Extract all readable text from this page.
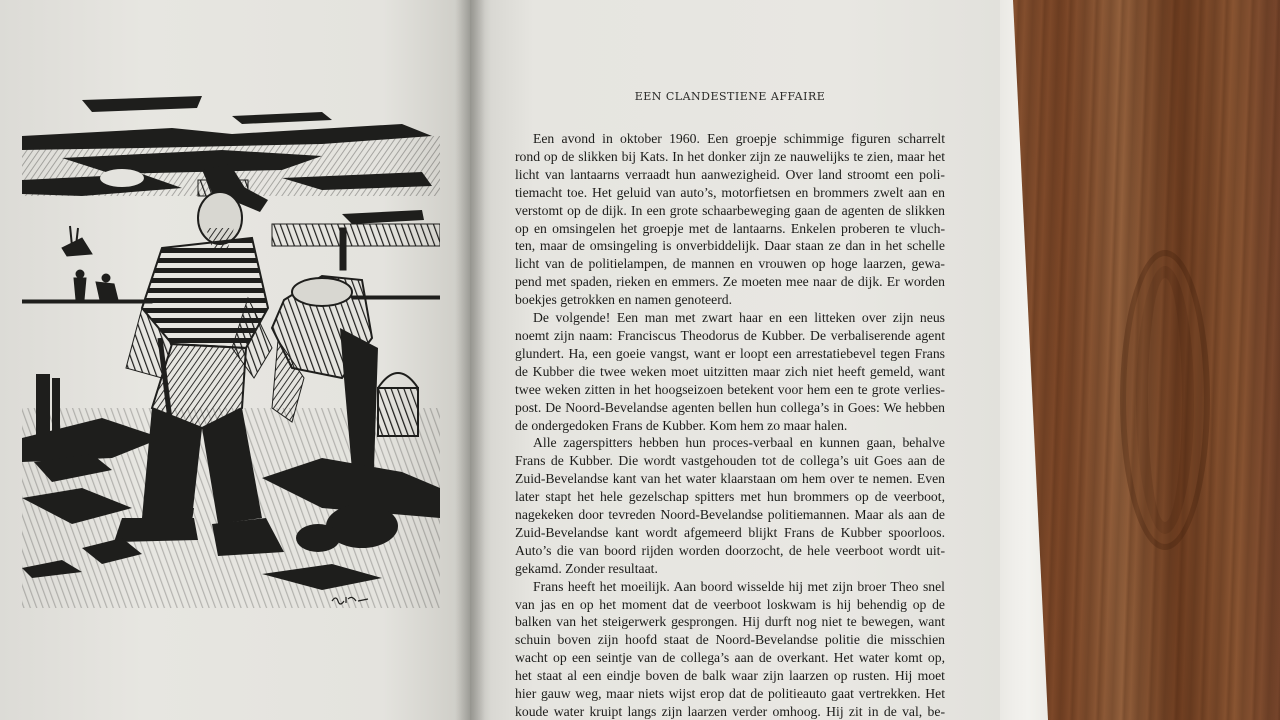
EEN CLANDESTIENE AFFAIRE
Een avond in oktober 1960. Een groepje schimmige figuren scharrelt
rond op de slikken bij Kats. In het donker zijn ze nauwelijks te zien, maar het
licht van lantaarns verraadt hun aanwezigheid. Over land stroomt een poli-
tiemacht toe. Het geluid van auto’s, motorfietsen en brommers zwelt aan en
verstomt op de dijk. In een grote schaarbeweging gaan de agenten de slikken
op en omsingelen het groepje met de lantaarns. Enkelen proberen te vluch-
ten, maar de omsingeling is onverbiddelijk. Daar staan ze dan in het schelle
licht van de politielampen, de mannen en vrouwen op hoge laarzen, gewa-
pend met spaden, rieken en emmers. Ze moeten mee naar de dijk. Er worden
boekjes getrokken en namen genoteerd.
De volgende! Een man met zwart haar en een litteken over zijn neus
noemt zijn naam: Franciscus Theodorus de Kubber. De verbaliserende agent
glundert. Ha, een goeie vangst, want er loopt een arrestatiebevel tegen Frans
de Kubber die twee weken moet uitzitten maar zich niet heeft gemeld, want
twee weken zitten in het hoogseizoen betekent voor hem een te grote verlies-
post. De Noord-Bevelandse agenten bellen hun collega’s in Goes: We hebben
de ondergedoken Frans de Kubber. Kom hem zo maar halen.
Alle zagerspitters hebben hun proces-verbaal en kunnen gaan, behalve
Frans de Kubber. Die wordt vastgehouden tot de collega’s uit Goes aan de
Zuid-Bevelandse kant van het water klaarstaan om hem over te nemen. Even
later stapt het hele gezelschap spitters met hun brommers op de veerboot,
nagekeken door tevreden Noord-Bevelandse politiemannen. Maar als aan de
Zuid-Bevelandse kant wordt afgemeerd blijkt Frans de Kubber spoorloos.
Auto’s die van boord rijden worden doorzocht, de hele veerboot wordt uit-
gekamd. Zonder resultaat.
Frans heeft het moeilijk. Aan boord wisselde hij met zijn broer Theo snel
van jas en op het moment dat de veerboot loskwam is hij behendig op de
balken van het steigerwerk gesprongen. Hij durft nog niet te bewegen, want
schuin boven zijn hoofd staat de Noord-Bevelandse politie die misschien
wacht op een seintje van de collega’s aan de overkant. Het water komt op,
het staat al een eindje boven de balk waar zijn laarzen op rusten. Hij moet
hier gauw weg, maar niets wijst erop dat de politieauto gaat vertrekken. Het
koude water kruipt langs zijn laarzen verder omhoog. Hij zit in de val, be-
